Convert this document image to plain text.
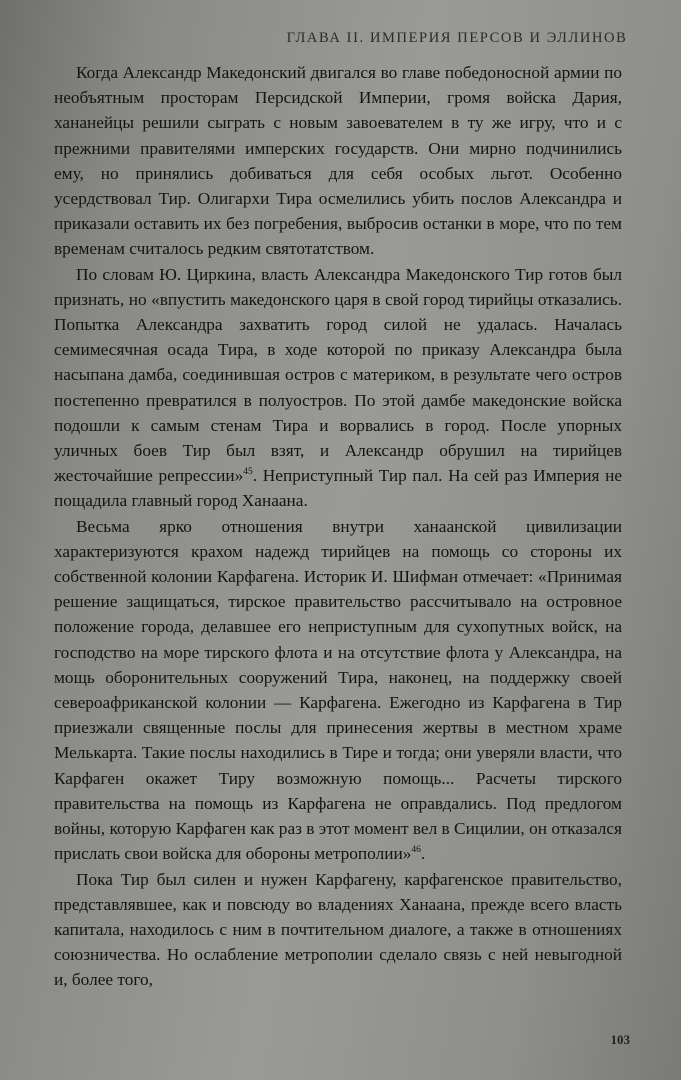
ГЛАВА II. ИМПЕРИЯ ПЕРСОВ И ЭЛЛИНОВ

Когда Александр Македонский двигался во главе победоносной армии по необъятным просторам Персидской Империи, громя войска Дария, хананейцы решили сыграть с новым завоевателем в ту же игру, что и с прежними правителями имперских государств. Они мирно подчинились ему, но принялись добиваться для себя особых льгот. Особенно усердствовал Тир. Олигархи Тира осмелились убить послов Александра и приказали оставить их без погребения, выбросив останки в море, что по тем временам считалось редким святотатством.

По словам Ю. Циркина, власть Александра Македонского Тир готов был признать, но «впустить македонского царя в свой город тирийцы отказались. Попытка Александра захватить город силой не удалась. Началась семимесячная осада Тира, в ходе которой по приказу Александра была насыпана дамба, соединившая остров с материком, в результате чего остров постепенно превратился в полуостров. По этой дамбе македонские войска подошли к самым стенам Тира и ворвались в город. После упорных уличных боев Тир был взят, и Александр обрушил на тирийцев жесточайшие репрессии»$^{45}$. Неприступный Тир пал. На сей раз Империя не пощадила главный город Ханаана.

Весьма ярко отношения внутри ханаанской цивилизации характеризуются крахом надежд тирийцев на помощь со стороны их собственной колонии Карфагена. Историк И. Шифман отмечает: «Принимая решение защищаться, тирское правительство рассчитывало на островное положение города, делавшее его неприступным для сухопутных войск, на господство на море тирского флота и на отсутствие флота у Александра, на мощь оборонительных сооружений Тира, наконец, на поддержку своей североафриканской колонии — Карфагена. Ежегодно из Карфагена в Тир приезжали священные послы для принесения жертвы в местном храме Мелькарта. Такие послы находились в Тире и тогда; они уверяли власти, что Карфаген окажет Тиру возможную помощь... Расчеты тирского правительства на помощь из Карфагена не оправдались. Под предлогом войны, которую Карфаген как раз в этот момент вел в Сицилии, он отказался прислать свои войска для обороны метрополии»$^{46}$.

Пока Тир был силен и нужен Карфагену, карфагенское правительство, представлявшее, как и повсюду во владениях Ханаана, прежде всего власть капитала, находилось с ним в почтительном диалоге, а также в отношениях союзничества. Но ослабление метрополии сделало связь с ней невыгодной и, более того,

103
